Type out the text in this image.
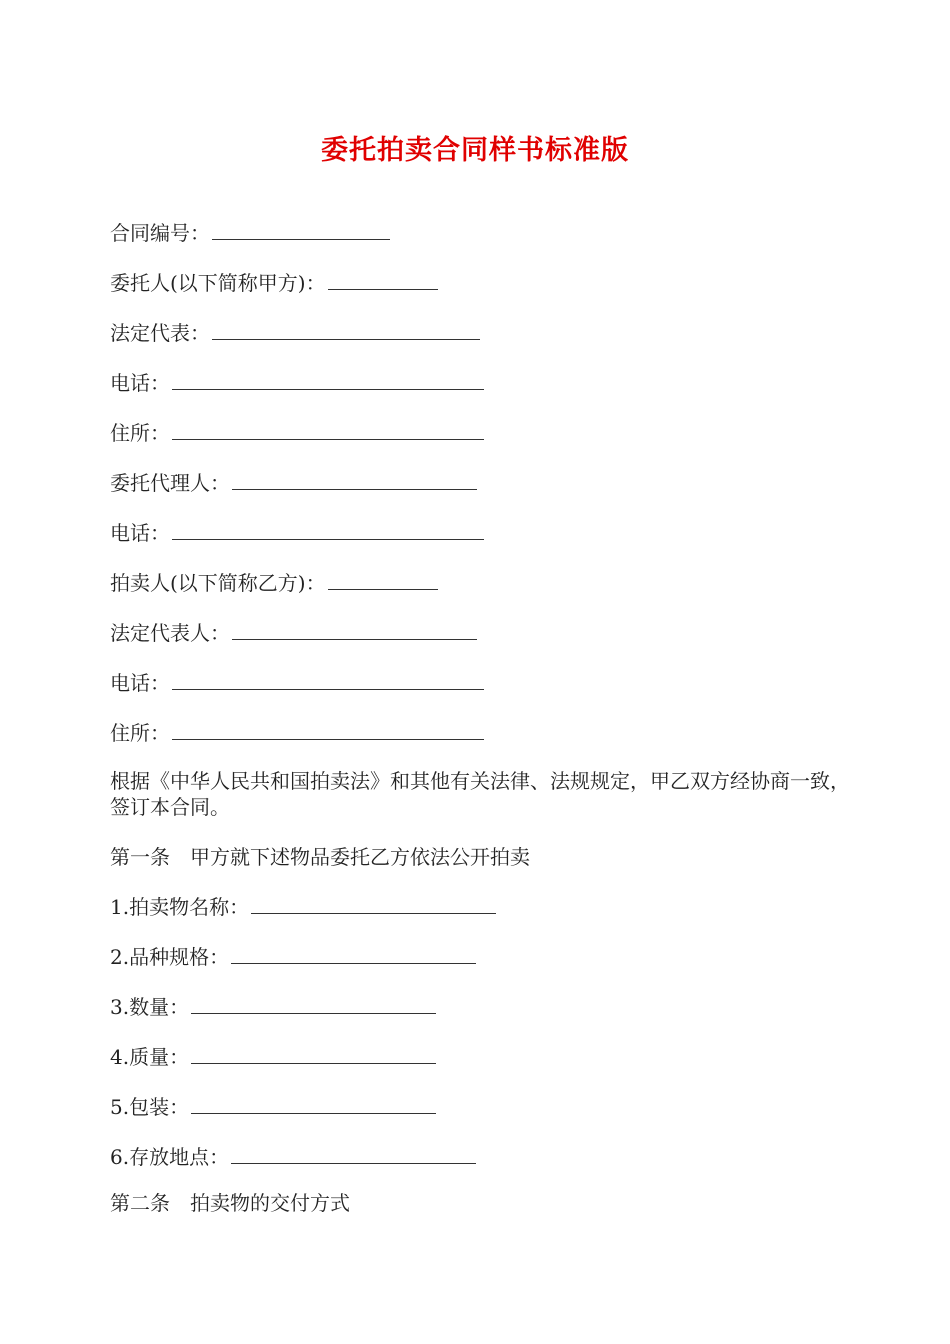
委托拍卖合同样书标准版
合同编号：
委托人(以下简称甲方)：
法定代表：
电话：
住所：
委托代理人：
电话：
拍卖人(以下简称乙方)：
法定代表人：
电话：
住所：
根据《中华人民共和国拍卖法》和其他有关法律、法规规定，甲乙双方经协商一致，签订本合同。
第一条　甲方就下述物品委托乙方依法公开拍卖
1.拍卖物名称：
2.品种规格：
3.数量：
4.质量：
5.包装：
6.存放地点：
第二条　拍卖物的交付方式
